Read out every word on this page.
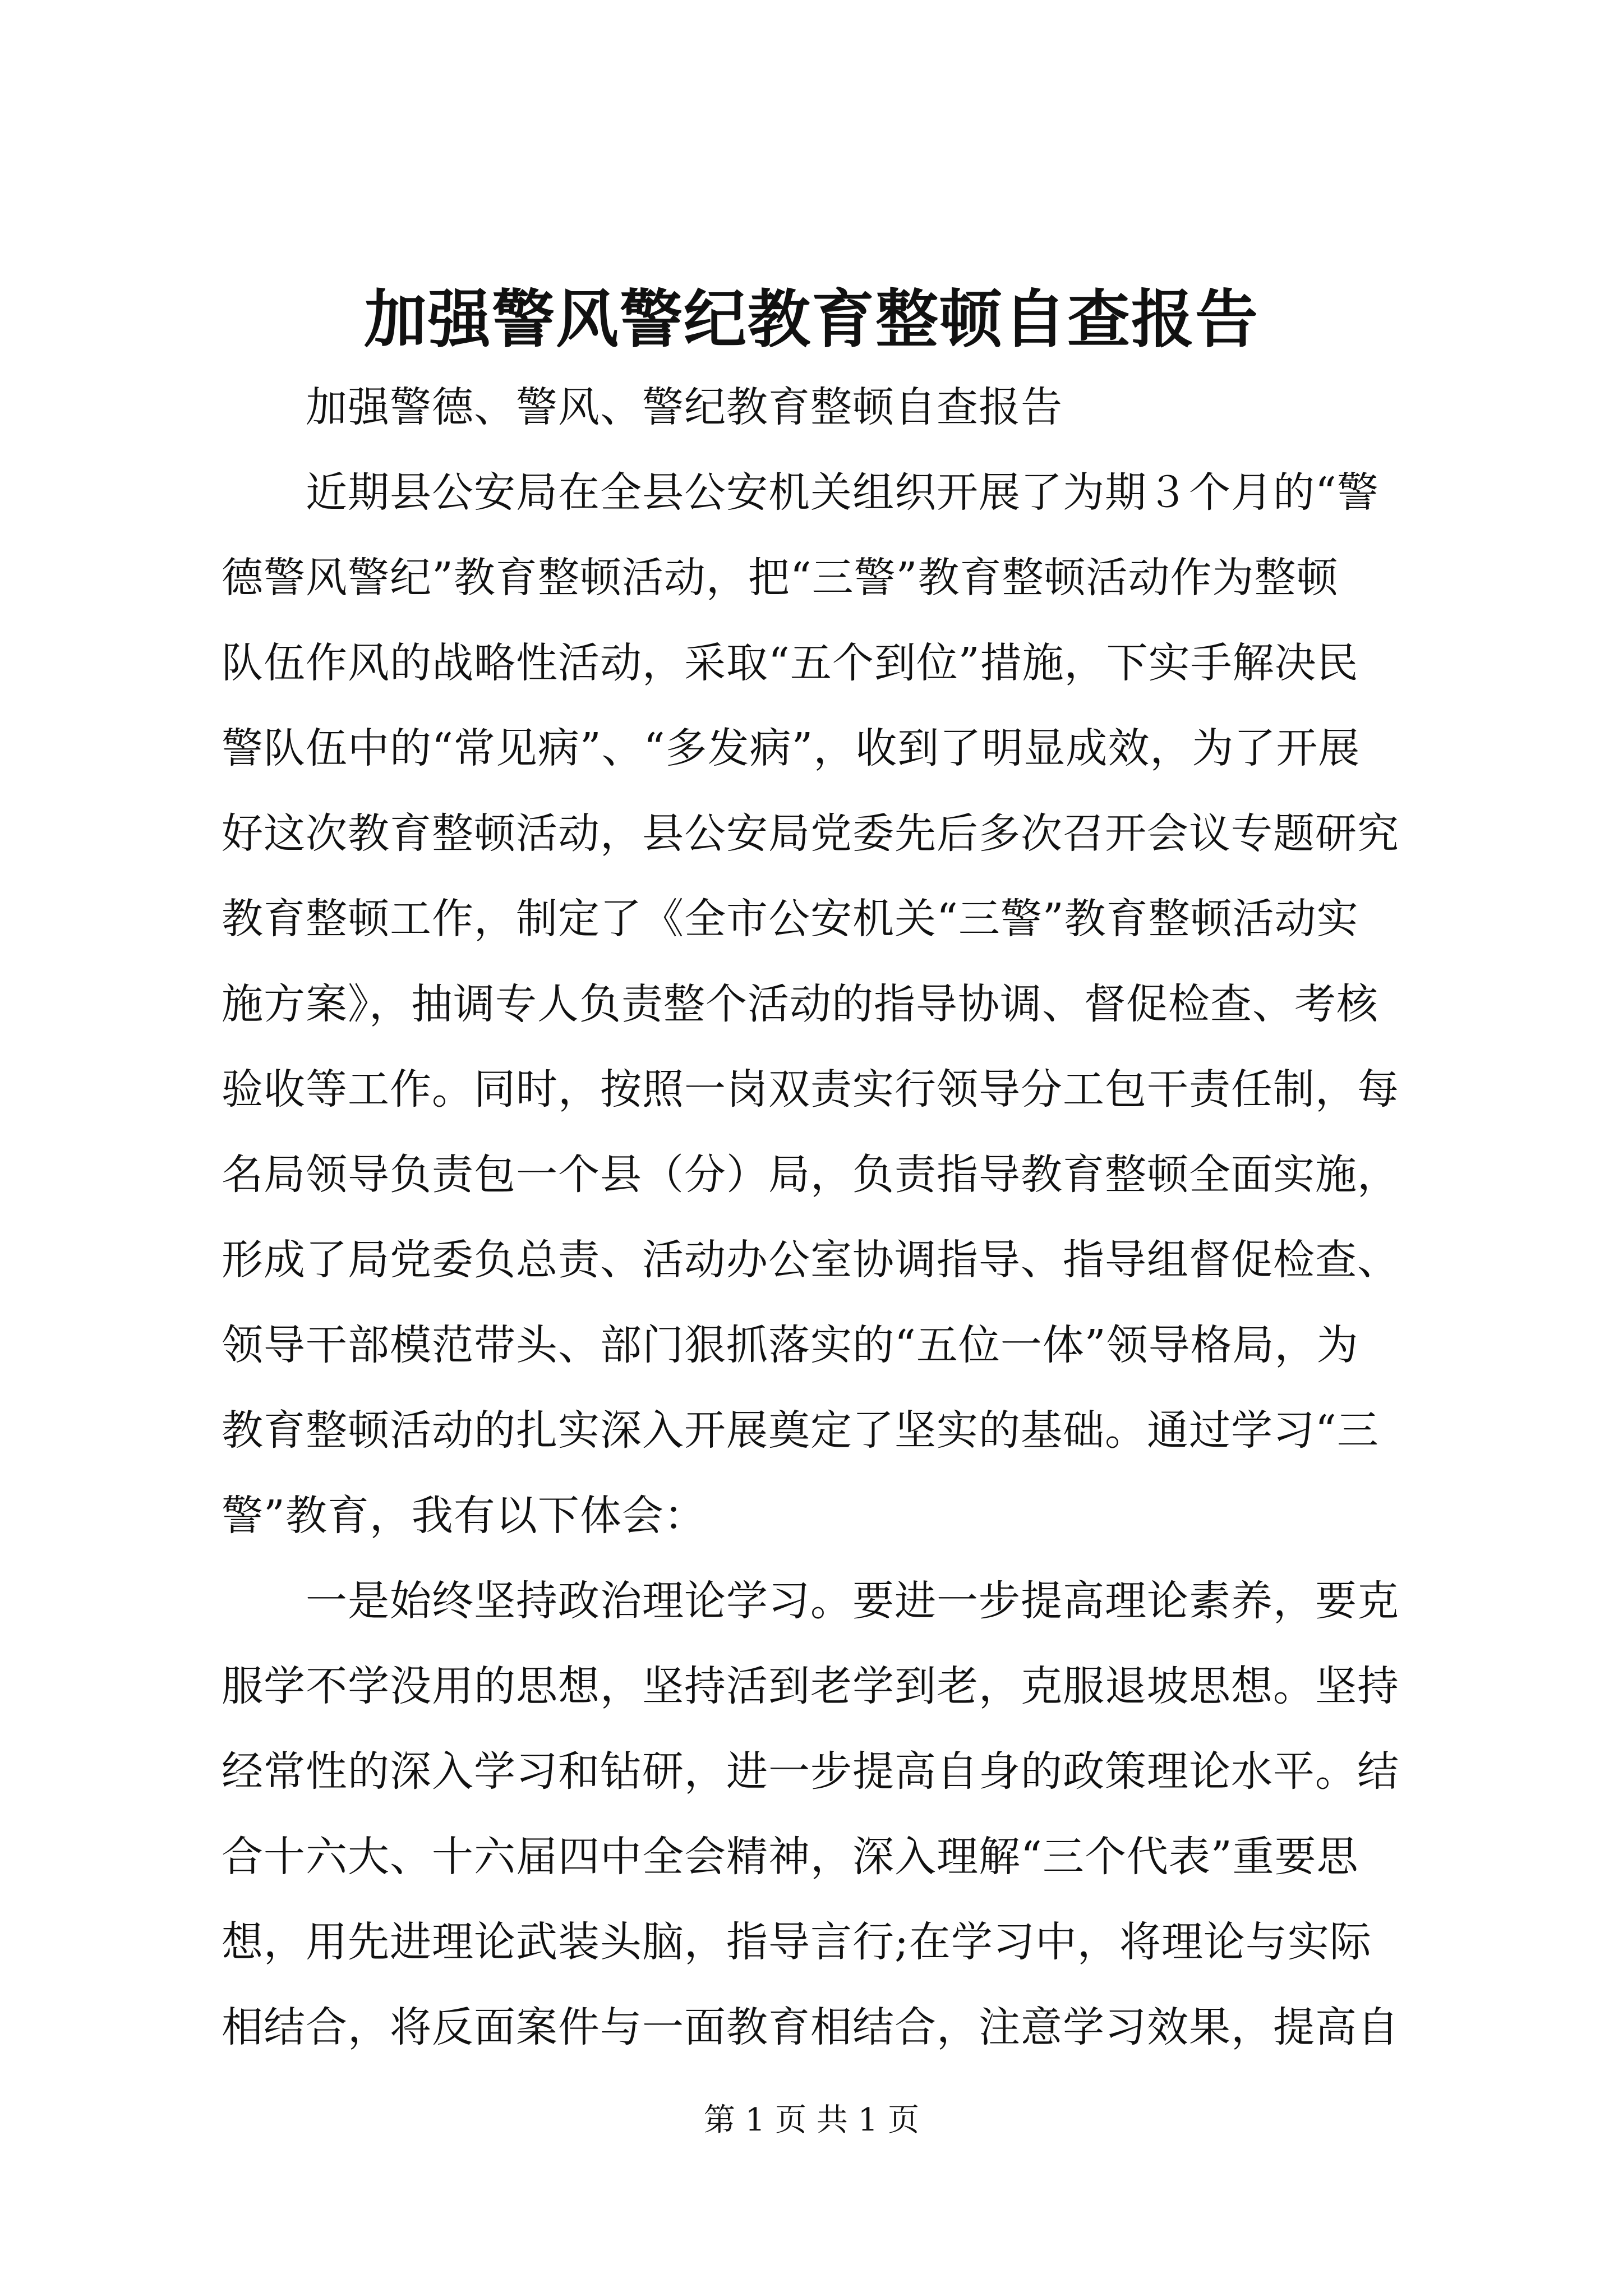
加强警风警纪教育整顿自查报告
加强警德、警风、警纪教育整顿自查报告
近期县公安局在全县公安机关组织开展了为期３个月的“警
德警风警纪”教育整顿活动，把“三警”教育整顿活动作为整顿
队伍作风的战略性活动，采取“五个到位”措施，下实手解决民
警队伍中的“常见病”、“多发病”，收到了明显成效，为了开展
好这次教育整顿活动，县公安局党委先后多次召开会议专题研究
教育整顿工作，制定了《全市公安机关“三警”教育整顿活动实
施方案》，抽调专人负责整个活动的指导协调、督促检查、考核
验收等工作。同时，按照一岗双责实行领导分工包干责任制，每
名局领导负责包一个县（分）局，负责指导教育整顿全面实施，
形成了局党委负总责、活动办公室协调指导、指导组督促检查、
领导干部模范带头、部门狠抓落实的“五位一体”领导格局，为
教育整顿活动的扎实深入开展奠定了坚实的基础。通过学习“三
警”教育，我有以下体会：
一是始终坚持政治理论学习。要进一步提高理论素养，要克
服学不学没用的思想，坚持活到老学到老，克服退坡思想。坚持
经常性的深入学习和钻研，进一步提高自身的政策理论水平。结
合十六大、十六届四中全会精神，深入理解“三个代表”重要思
想，用先进理论武装头脑，指导言行;在学习中，将理论与实际
相结合，将反面案件与一面教育相结合，注意学习效果，提高自
第 1 页 共 1 页
